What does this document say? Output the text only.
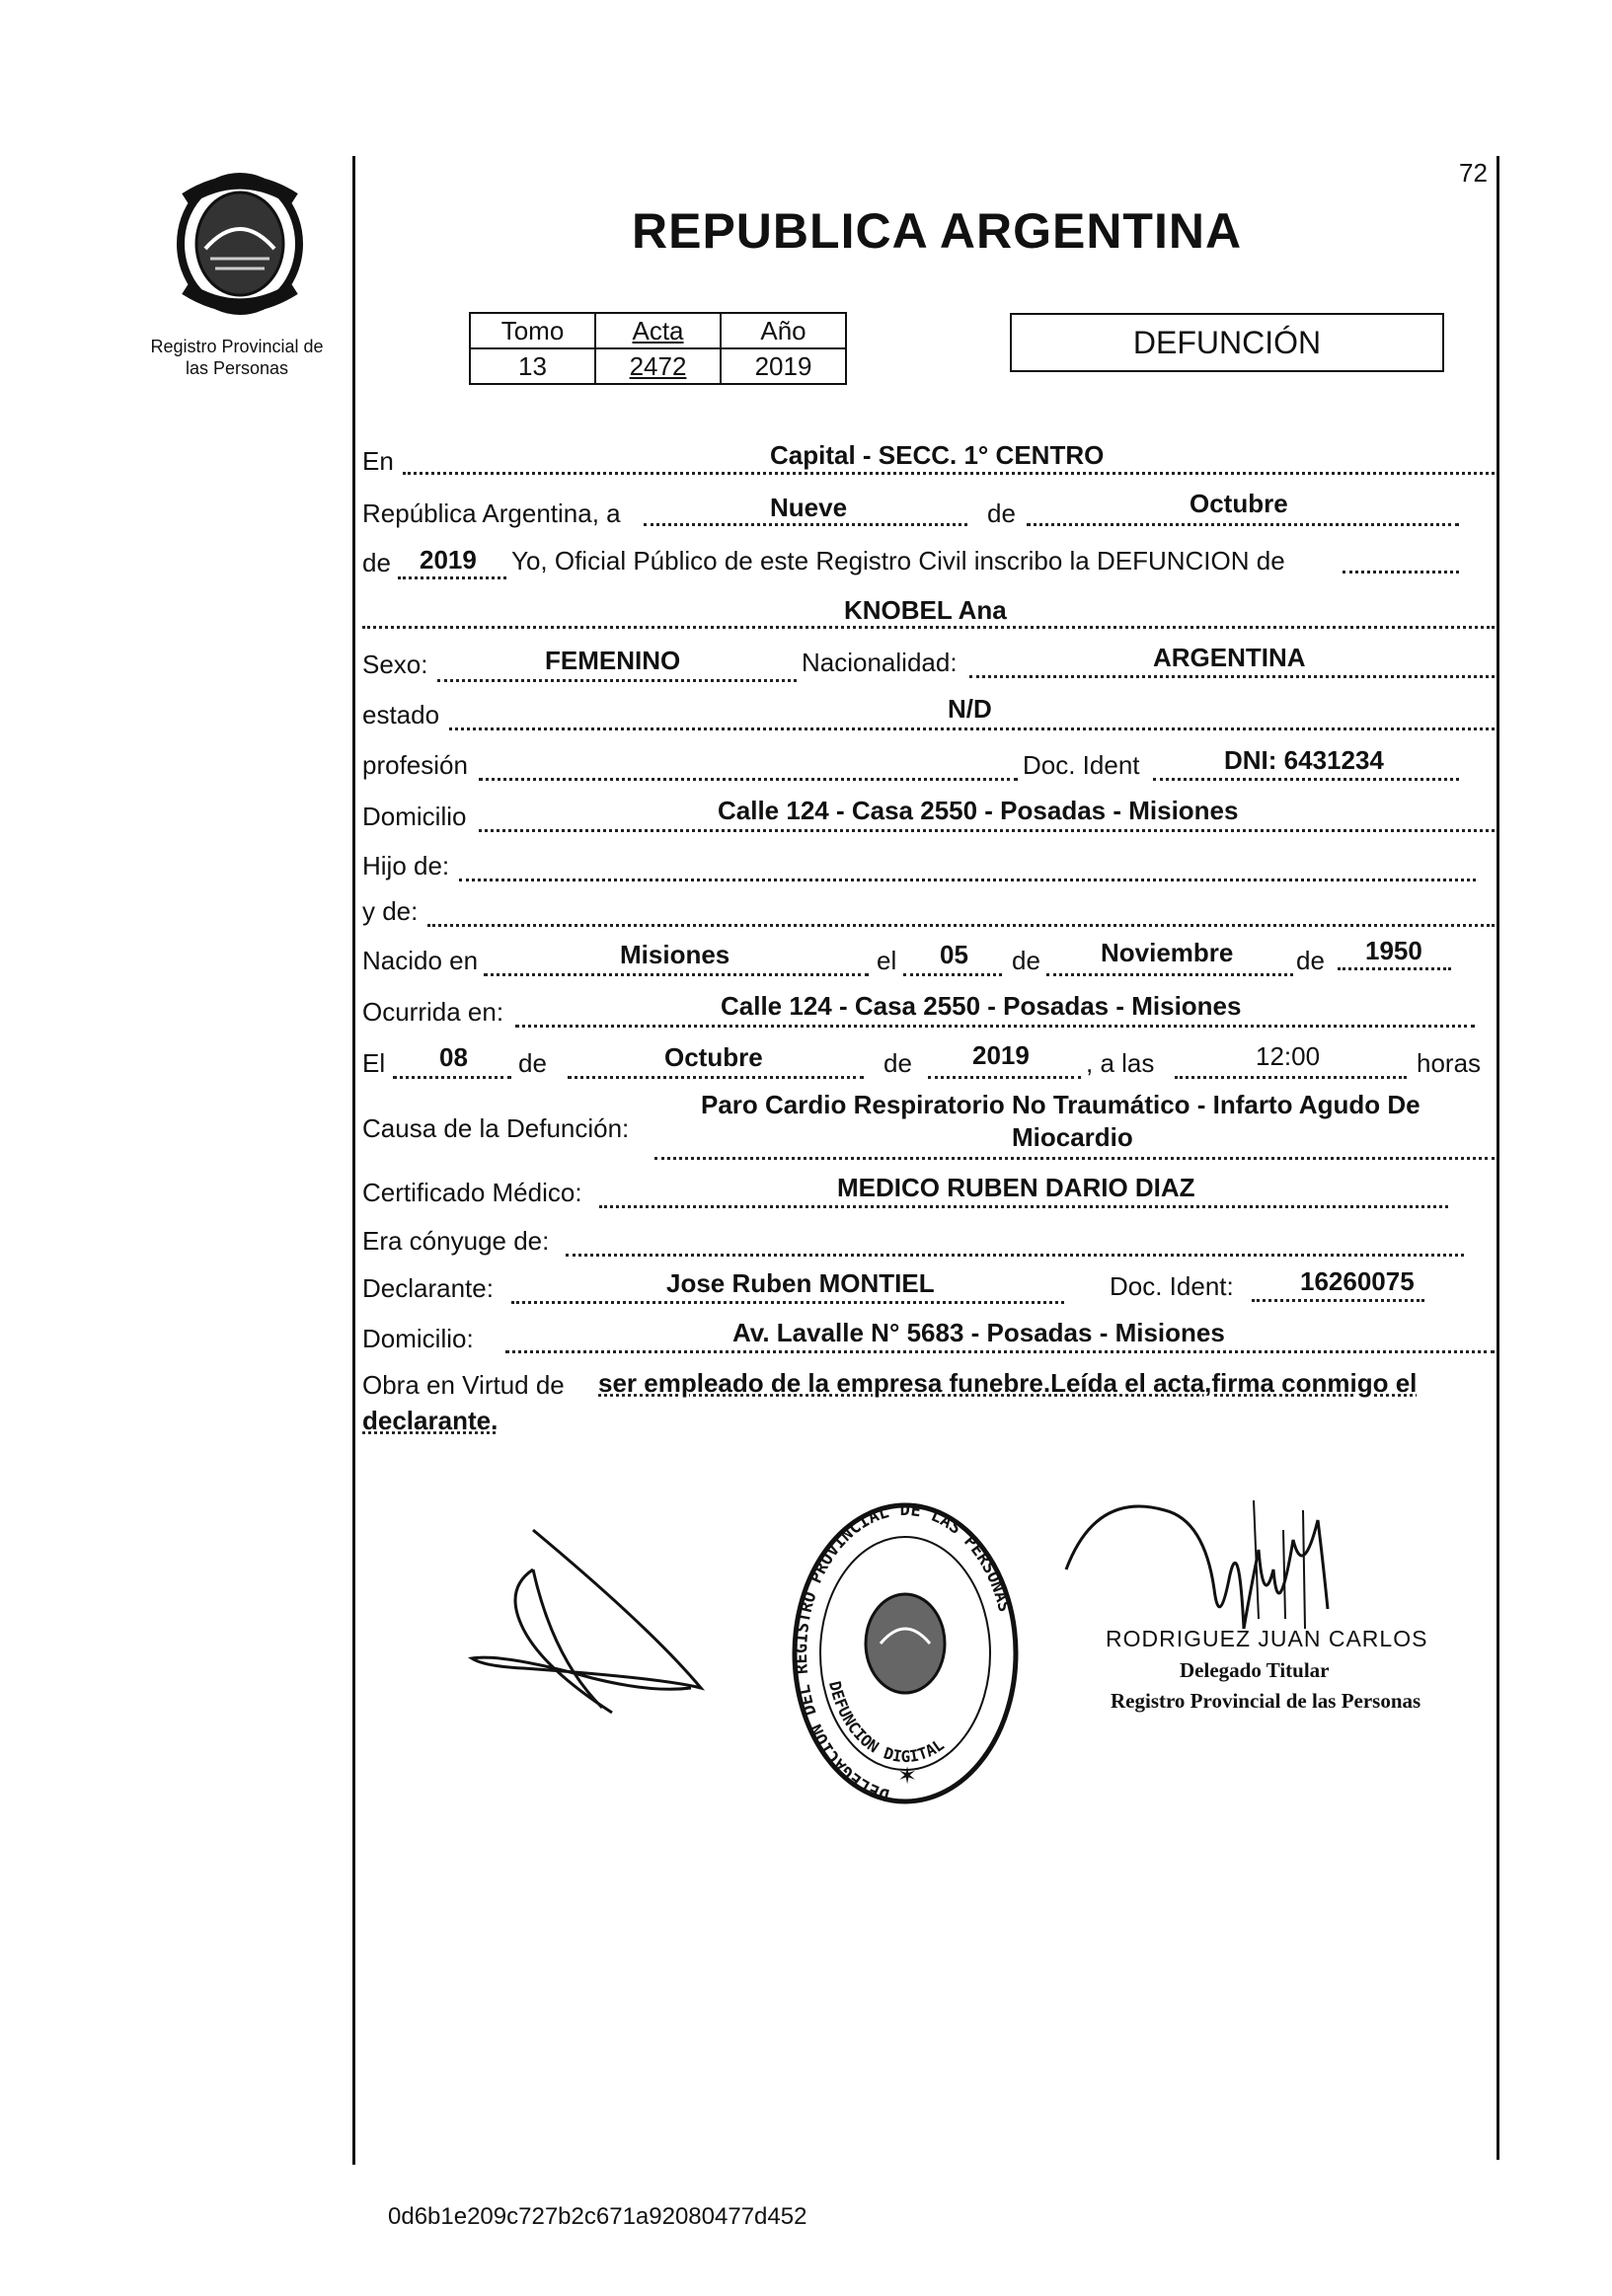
72
Registro Provincial de
las Personas
REPUBLICA ARGENTINA
Tomo	Acta	Año
13	2472	2019
DEFUNCIÓN
En	Capital - SECC. 1° CENTRO
República Argentina, a	Nueve	de	Octubre
de 2019 Yo, Oficial Público de este Registro Civil inscribo la DEFUNCION de
KNOBEL Ana
Sexo:	FEMENINO	Nacionalidad:	ARGENTINA
estado	N/D
profesión	Doc. Ident	DNI: 6431234
Domicilio	Calle 124 - Casa 2550 - Posadas - Misiones
Hijo de:
y de:
Nacido en	Misiones	el 05 de Noviembre de 1950
Ocurrida en:	Calle 124 - Casa 2550 - Posadas - Misiones
El 08 de	Octubre	de 2019 , a las	12:00	horas
Paro Cardio Respiratorio No Traumático - Infarto Agudo De
Causa de la Defunción:	Miocardio
Certificado Médico:	MEDICO RUBEN DARIO DIAZ
Era cónyuge de:
Declarante:	Jose Ruben MONTIEL	Doc. Ident:	16260075
Domicilio:	Av. Lavalle N° 5683 - Posadas - Misiones
Obra en Virtud de ser empleado de la empresa funebre.Leída el acta,firma conmigo el
declarante.
DELEGACION DEL REGISTRO PROVINCIAL DE LAS PERSONAS
DEFUNCION DIGITAL
✶
RODRIGUEZ JUAN CARLOS
Delegado Titular
Registro Provincial de las Personas
0d6b1e209c727b2c671a92080477d452
